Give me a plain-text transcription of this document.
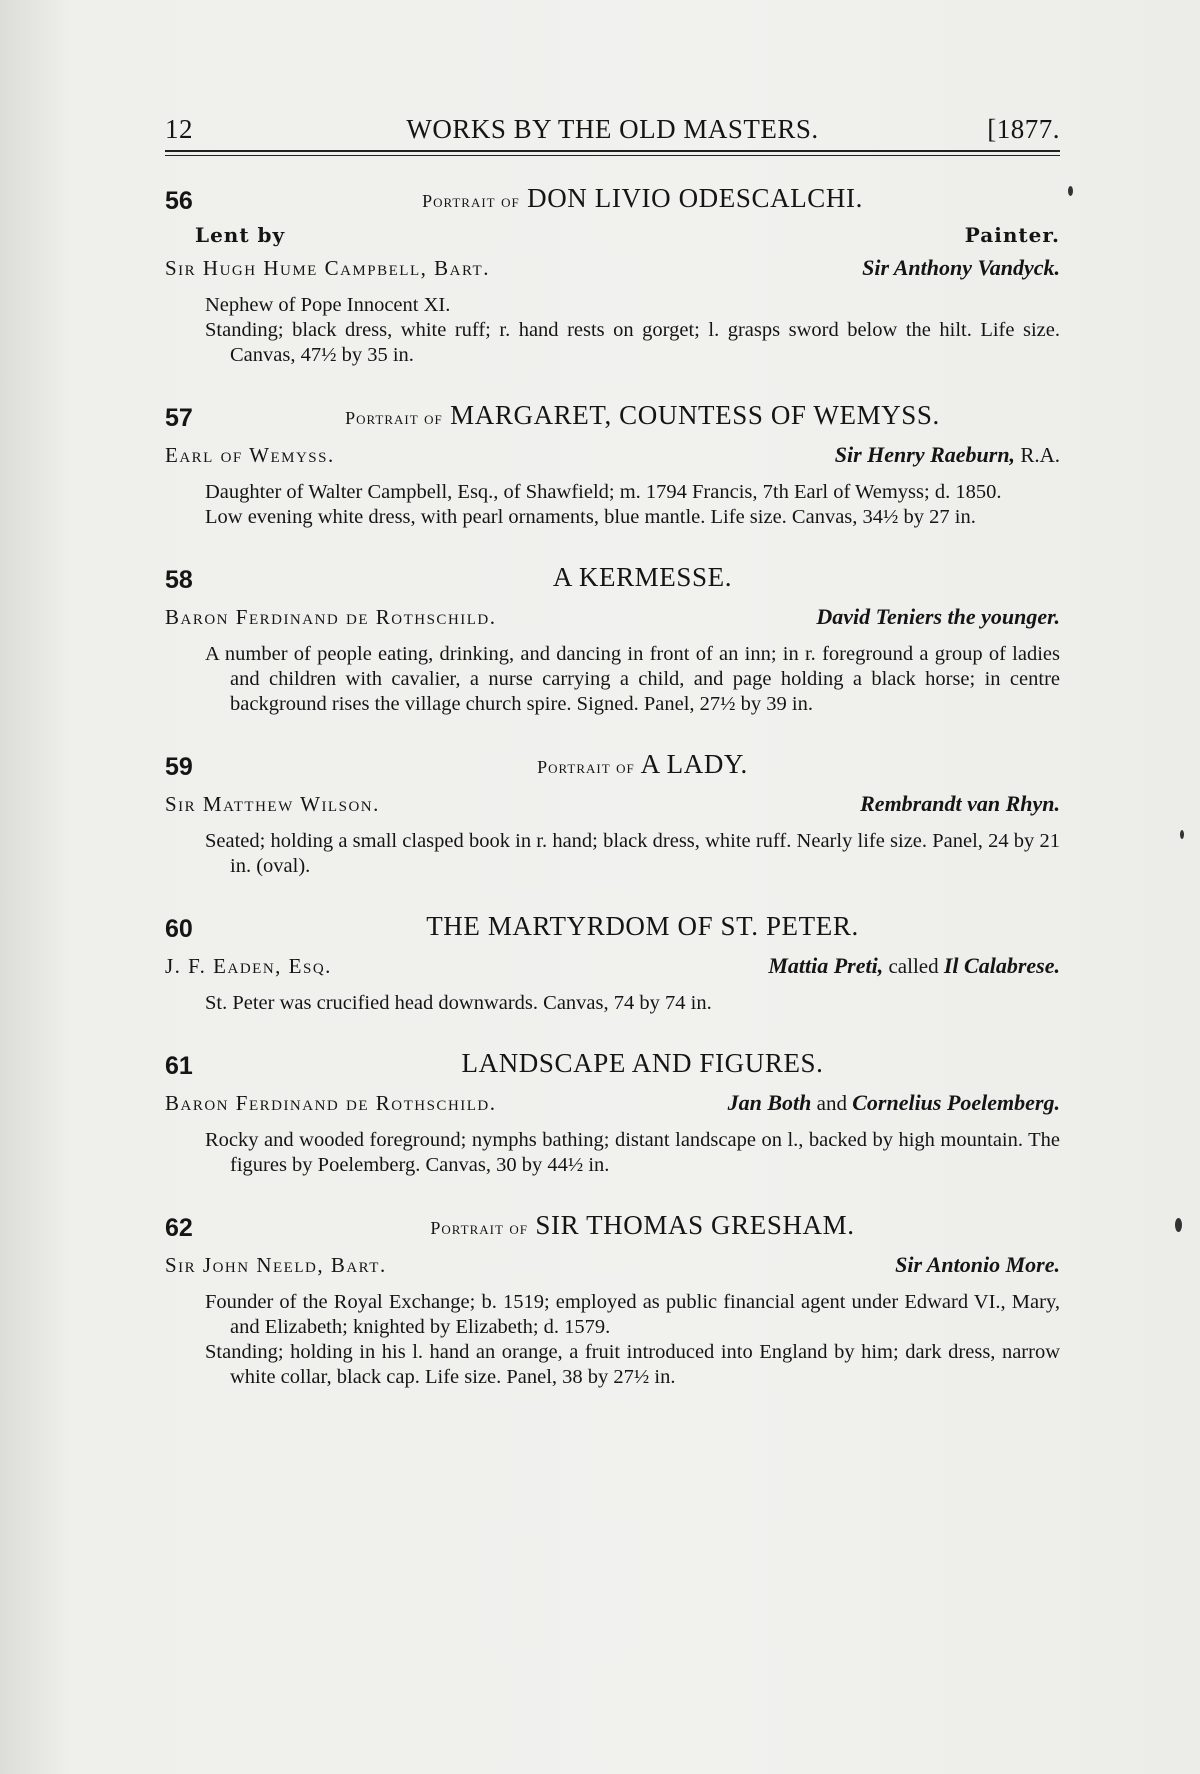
12	WORKS BY THE OLD MASTERS.	[1877.
56	Portrait of DON LIVIO ODESCALCHI.
Lent by	Painter.
Sir Hugh Hume Campbell, Bart.	Sir Anthony Vandyck.

Nephew of Pope Innocent XI.

Standing; black dress, white ruff; r. hand rests on gorget; l. grasps sword below the hilt. Life size. Canvas, 47½ by 35 in.

57	Portrait of MARGARET, COUNTESS OF WEMYSS.
Earl of Wemyss.	Sir Henry Raeburn, R.A.

Daughter of Walter Campbell, Esq., of Shawfield; m. 1794 Francis, 7th Earl of Wemyss; d. 1850.

Low evening white dress, with pearl ornaments, blue mantle. Life size. Canvas, 34½ by 27 in.

58	A KERMESSE.
Baron Ferdinand de Rothschild.	David Teniers the younger.

A number of people eating, drinking, and dancing in front of an inn; in r. foreground a group of ladies and children with cavalier, a nurse carrying a child, and page holding a black horse; in centre background rises the village church spire. Signed. Panel, 27½ by 39 in.

59	Portrait of A LADY.
Sir Matthew Wilson.	Rembrandt van Rhyn.

Seated; holding a small clasped book in r. hand; black dress, white ruff. Nearly life size. Panel, 24 by 21 in. (oval).

60	THE MARTYRDOM OF ST. PETER.
J. F. Eaden, Esq.	Mattia Preti, called Il Calabrese.

St. Peter was crucified head downwards. Canvas, 74 by 74 in.

61	LANDSCAPE AND FIGURES.
Baron Ferdinand de Rothschild.	Jan Both and Cornelius Poelemberg.

Rocky and wooded foreground; nymphs bathing; distant landscape on l., backed by high mountain. The figures by Poelemberg. Canvas, 30 by 44½ in.

62	Portrait of SIR THOMAS GRESHAM.
Sir John Neeld, Bart.	Sir Antonio More.

Founder of the Royal Exchange; b. 1519; employed as public financial agent under Edward VI., Mary, and Elizabeth; knighted by Elizabeth; d. 1579.

Standing; holding in his l. hand an orange, a fruit introduced into England by him; dark dress, narrow white collar, black cap. Life size. Panel, 38 by 27½ in.
